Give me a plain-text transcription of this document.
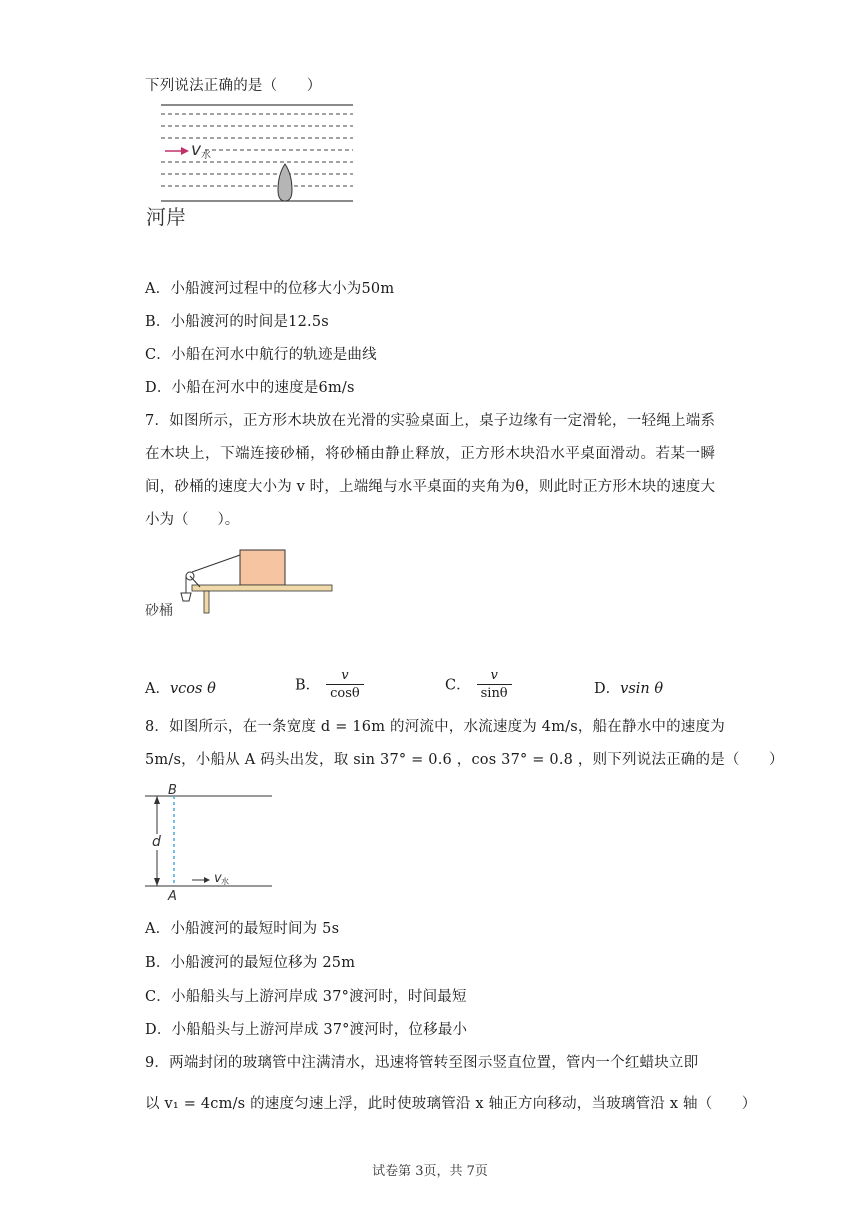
下列说法正确的是（　　）
v 水
河岸
A．小船渡河过程中的位移大小为50m
B．小船渡河的时间是12.5s
C．小船在河水中航行的轨迹是曲线
D．小船在河水中的速度是6m/s
7．如图所示，正方形木块放在光滑的实验桌面上，桌子边缘有一定滑轮，一轻绳上端系在木块上，下端连接砂桶，将砂桶由静止释放，正方形木块沿水平桌面滑动。若某一瞬间，砂桶的速度大小为 v 时，上端绳与水平桌面的夹角为θ，则此时正方形木块的速度大小为（　　）。
砂桶
A．vcos θ	B． $\frac{v}{\cos\theta}$	C． $\frac{v}{\sin\theta}$	D．vsin θ
8．如图所示，在一条宽度 d = 16m 的河流中，水流速度为 4m/s，船在静水中的速度为
5m/s，小船从 A 码头出发，取 sin 37° = 0.6 ，cos 37° = 0.8 ，则下列说法正确的是（　　）
B
d
v 水
A
A．小船渡河的最短时间为 5s
B．小船渡河的最短位移为 25m
C．小船船头与上游河岸成 37°渡河时，时间最短
D．小船船头与上游河岸成 37°渡河时，位移最小
9．两端封闭的玻璃管中注满清水，迅速将管转至图示竖直位置，管内一个红蜡块立即
以 v₁ = 4cm/s 的速度匀速上浮，此时使玻璃管沿 x 轴正方向移动，当玻璃管沿 x 轴（　　）
试卷第 3页，共 7页
